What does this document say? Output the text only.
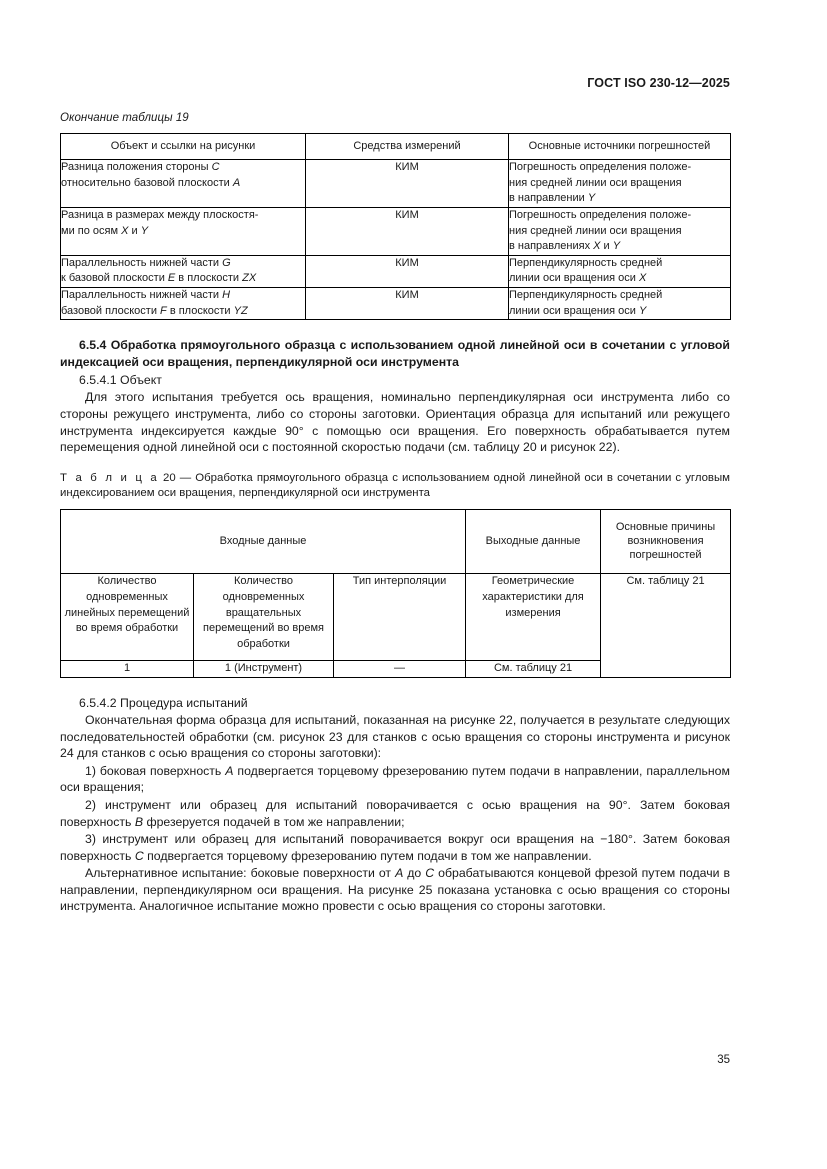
ГОСТ ISO 230-12—2025
Окончание таблицы 19
Объект и ссылки на рисунки	Средства измерений	Основные источники погрешностей
Разница положения стороны C
относительно базовой плоскости A	КИМ	Погрешность определения положе-
ния средней линии оси вращения
в направлении Y
Разница в размерах между плоскостя-
ми по осям X и Y	КИМ	Погрешность определения положе-
ния средней линии оси вращения
в направлениях X и Y
Параллельность нижней части G
к базовой плоскости E в плоскости ZX	КИМ	Перпендикулярность средней
линии оси вращения оси X
Параллельность нижней части H
базовой плоскости F в плоскости YZ	КИМ	Перпендикулярность средней
линии оси вращения оси Y
6.5.4 Обработка прямоугольного образца с использованием одной линейной оси в сочетании с угловой индексацией оси вращения, перпендикулярной оси инструмента
6.5.4.1 Объект

Для этого испытания требуется ось вращения, номинально перпендикулярная оси инструмента либо со стороны режущего инструмента, либо со стороны заготовки. Ориентация образца для испытаний или режущего инструмента индексируется каждые 90° с помощью оси вращения. Его поверхность обрабатывается путем перемещения одной линейной оси с постоянной скоростью подачи (см. таблицу 20 и рисунок 22).

Т а б л и ц а 20 — Обработка прямоугольного образца с использованием одной линейной оси в сочетании с угловым индексированием оси вращения, перпендикулярной оси инструмента
Входные данные			Выходные данные	Основные причины возникновения погрешностей
Количество одновременных линейных перемещений во время обработки	Количество одновременных вращательных перемещений во время обработки	Тип интерполяции	Геометрические характеристики для измерения	См. таблицу 21
1	1 (Инструмент)	—	См. таблицу 21	
6.5.4.2 Процедура испытаний

Окончательная форма образца для испытаний, показанная на рисунке 22, получается в результате следующих последовательностей обработки (см. рисунок 23 для станков с осью вращения со стороны инструмента и рисунок 24 для станков с осью вращения со стороны заготовки):

1) боковая поверхность A подвергается торцевому фрезерованию путем подачи в направлении, параллельном оси вращения;

2) инструмент или образец для испытаний поворачивается с осью вращения на 90°. Затем боковая поверхность B фрезеруется подачей в том же направлении;

3) инструмент или образец для испытаний поворачивается вокруг оси вращения на −180°. Затем боковая поверхность C подвергается торцевому фрезерованию путем подачи в том же направлении.

Альтернативное испытание: боковые поверхности от A до C обрабатываются концевой фрезой путем подачи в направлении, перпендикулярном оси вращения. На рисунке 25 показана установка с осью вращения со стороны инструмента. Аналогичное испытание можно провести с осью вращения со стороны заготовки.

35
